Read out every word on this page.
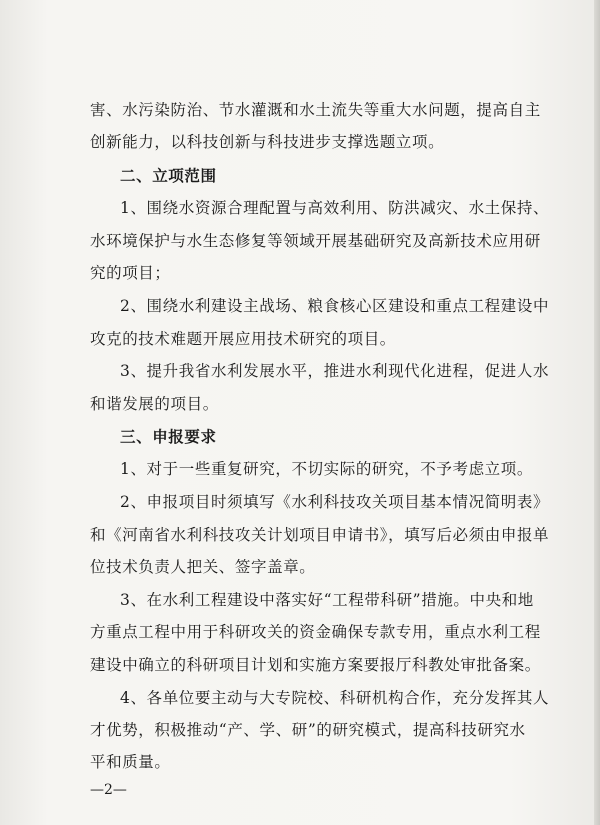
害、水污染防治、节水灌溉和水土流失等重大水问题，提高自主
创新能力，以科技创新与科技进步支撑选题立项。
二、立项范围
1、围绕水资源合理配置与高效利用、防洪减灾、水土保持、
水环境保护与水生态修复等领域开展基础研究及高新技术应用研
究的项目；
2、围绕水利建设主战场、粮食核心区建设和重点工程建设中
攻克的技术难题开展应用技术研究的项目。
3、提升我省水利发展水平，推进水利现代化进程，促进人水
和谐发展的项目。
三、申报要求
1、对于一些重复研究，不切实际的研究，不予考虑立项。
2、申报项目时须填写《水利科技攻关项目基本情况简明表》
和《河南省水利科技攻关计划项目申请书》，填写后必须由申报单
位技术负责人把关、签字盖章。
3、在水利工程建设中落实好“工程带科研”措施。中央和地
方重点工程中用于科研攻关的资金确保专款专用，重点水利工程
建设中确立的科研项目计划和实施方案要报厅科教处审批备案。
4、各单位要主动与大专院校、科研机构合作，充分发挥其人
才优势，积极推动“产、学、研”的研究模式，提高科技研究水
平和质量。
—2—
